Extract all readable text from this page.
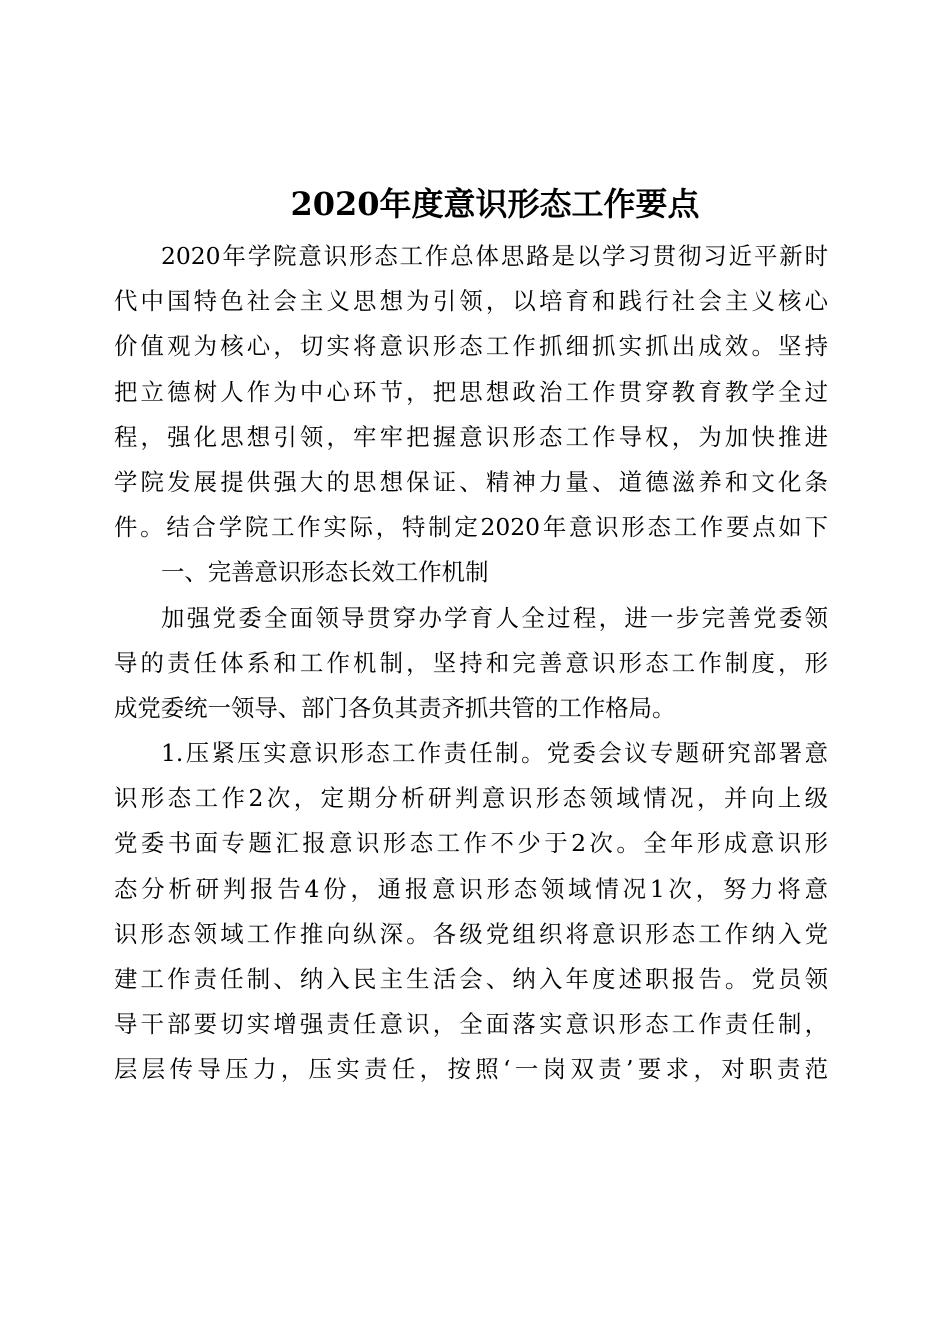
2020年度意识形态工作要点
2020年学院意识形态工作总体思路是以学习贯彻习近平新时
代中国特色社会主义思想为引领，以培育和践行社会主义核心
价值观为核心，切实将意识形态工作抓细抓实抓出成效。坚持
把立德树人作为中心环节，把思想政治工作贯穿教育教学全过
程，强化思想引领，牢牢把握意识形态工作导权，为加快推进
学院发展提供强大的思想保证、精神力量、道德滋养和文化条
件。结合学院工作实际，特制定2020年意识形态工作要点如下
一、完善意识形态长效工作机制
加强党委全面领导贯穿办学育人全过程，进一步完善党委领
导的责任体系和工作机制，坚持和完善意识形态工作制度，形
成党委统一领导、部门各负其责齐抓共管的工作格局。
1.压紧压实意识形态工作责任制。党委会议专题研究部署意
识形态工作2次，定期分析研判意识形态领域情况，并向上级
党委书面专题汇报意识形态工作不少于2次。全年形成意识形
态分析研判报告4份，通报意识形态领域情况1次，努力将意
识形态领域工作推向纵深。各级党组织将意识形态工作纳入党
建工作责任制、纳入民主生活会、纳入年度述职报告。党员领
导干部要切实增强责任意识，全面落实意识形态工作责任制，
层层传导压力，压实责任，按照‘一岗双责’要求，对职责范
